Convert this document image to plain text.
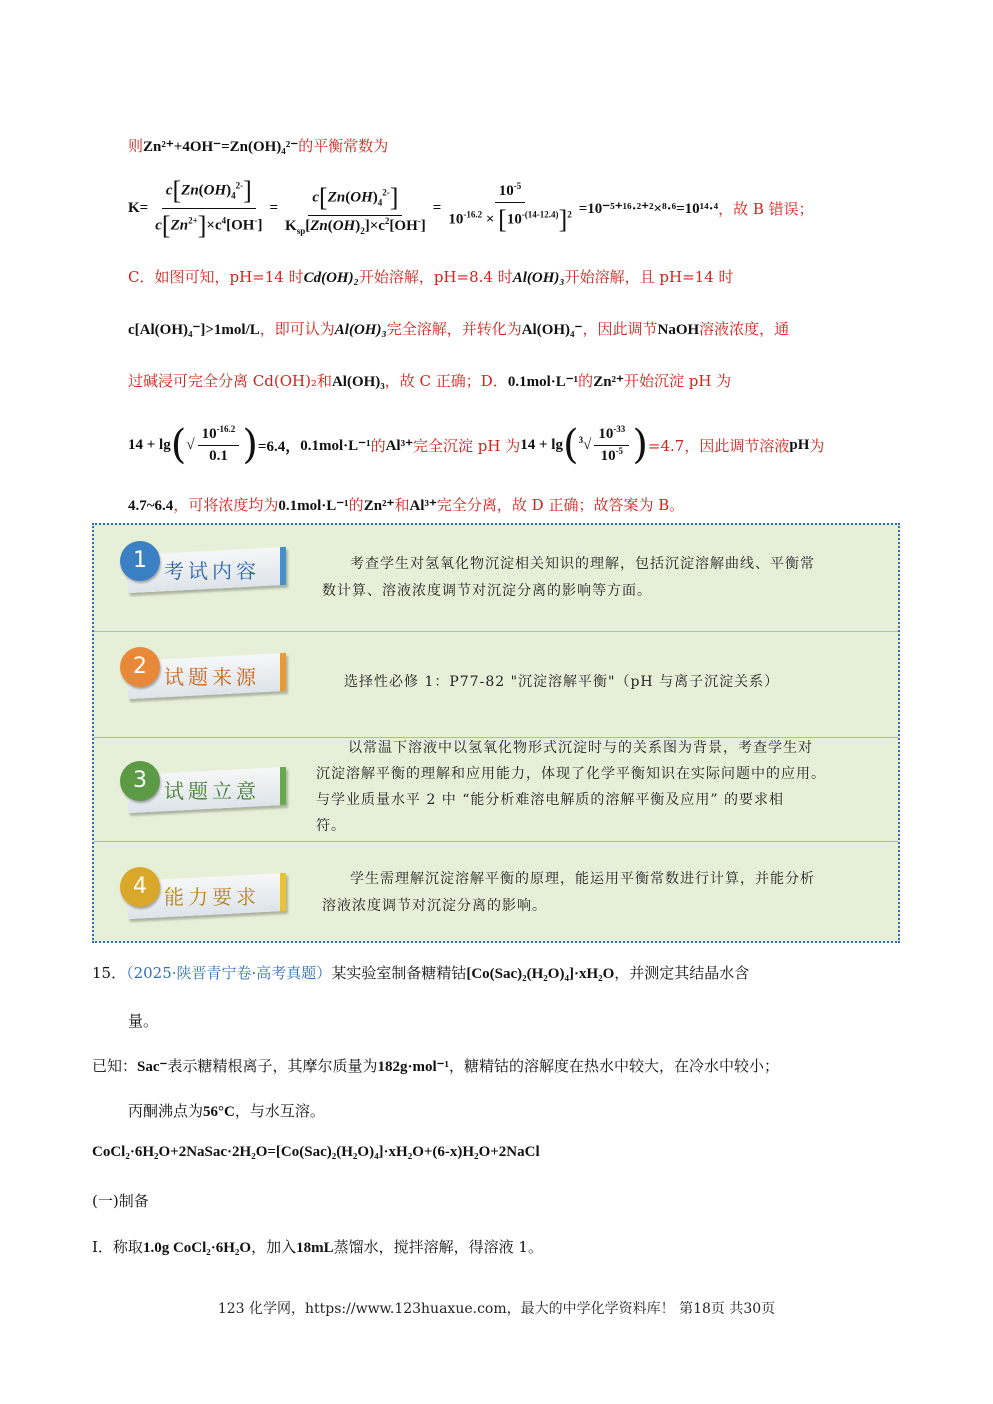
则Zn²⁺+4OH⁻=Zn(OH)₄²⁻的平衡常数为
$K= \frac{c[Zn(OH)_4^{2-}]}{c[Zn^{2+}]\times c^4[OH^-]} = \frac{c[Zn(OH)_4^{2-}]}{K_{sp}[Zn(OH)_2]\times c^2[OH^-]} = \frac{10^{-5}}{10^{-16.2} \times [10^{-(14-12.4)}]^2} =10^{-5+16}\cdot^{2+2}\times^8\cdot^6=10^{14}\cdot^4$ ，故 B 错误；
C．如图可知，pH=14 时Cd(OH)₂开始溶解，pH=8.4 时Al(OH)₃开始溶解，且 pH=14 时
c[Al(OH)₄⁻]>1mol/L，即可认为Al(OH)₃完全溶解，并转化为Al(OH)₄⁻，因此调节NaOH溶液浓度，通
过碱浸可完全分离 Cd(OH)₂和Al(OH)₃，故 C 正确；D．0.1mol·L⁻¹的Zn²⁺开始沉淀 pH 为
14 + lg ( √ $\frac{10^{-16.2}}{0.1}$ ) =6.4， 0.1mol·L⁻¹ 的 Al³⁺ 完全沉淀 pH 为 14 + lg ( $^3√ \frac{10^{-33}}{10^{-5}}$ ) =4.7，因此调节溶液 pH 为
4.7~6.4，可将浓度均为0.1mol·L⁻¹的Zn²⁺和Al³⁺完全分离，故 D 正确；故答案为 B。
1 考试内容	考查学生对氢氧化物沉淀相关知识的理解，包括沉淀溶解曲线、平衡常
数计算、溶液浓度调节对沉淀分离的影响等方面。
2 试题来源	选择性必修 1：P77-82 "沉淀溶解平衡"（pH 与离子沉淀关系）
3 试题立意
以常温下溶液中以氢氧化物形式沉淀时与的关系图为背景，考查学生对
沉淀溶解平衡的理解和应用能力，体现了化学平衡知识在实际问题中的应用。
与学业质量水平 2 中 “能分析难溶电解质的溶解平衡及应用” 的要求相
符。
4 能力要求
学生需理解沉淀溶解平衡的原理，能运用平衡常数进行计算，并能分析
溶液浓度调节对沉淀分离的影响。
15．（2025·陕晋青宁卷·高考真题）某实验室制备糖精钴[Co(Sac)₂(H₂O)₄]·xH₂O，并测定其结晶水含
量。
已知：Sac⁻表示糖精根离子，其摩尔质量为182g·mol⁻¹，糖精钴的溶解度在热水中较大，在冷水中较小；
丙酮沸点为56°C，与水互溶。
CoCl₂·6H₂O+2NaSac·2H₂O=[Co(Sac)₂(H₂O)₄]·xH₂O+(6-x)H₂O+2NaCl
(一)制备
Ⅰ．称取1.0g CoCl₂·6H₂O，加入18mL蒸馏水，搅拌溶解，得溶液 1。
123 化学网，https://www.123huaxue.com，最大的中学化学资料库！ 第18页 共30页
